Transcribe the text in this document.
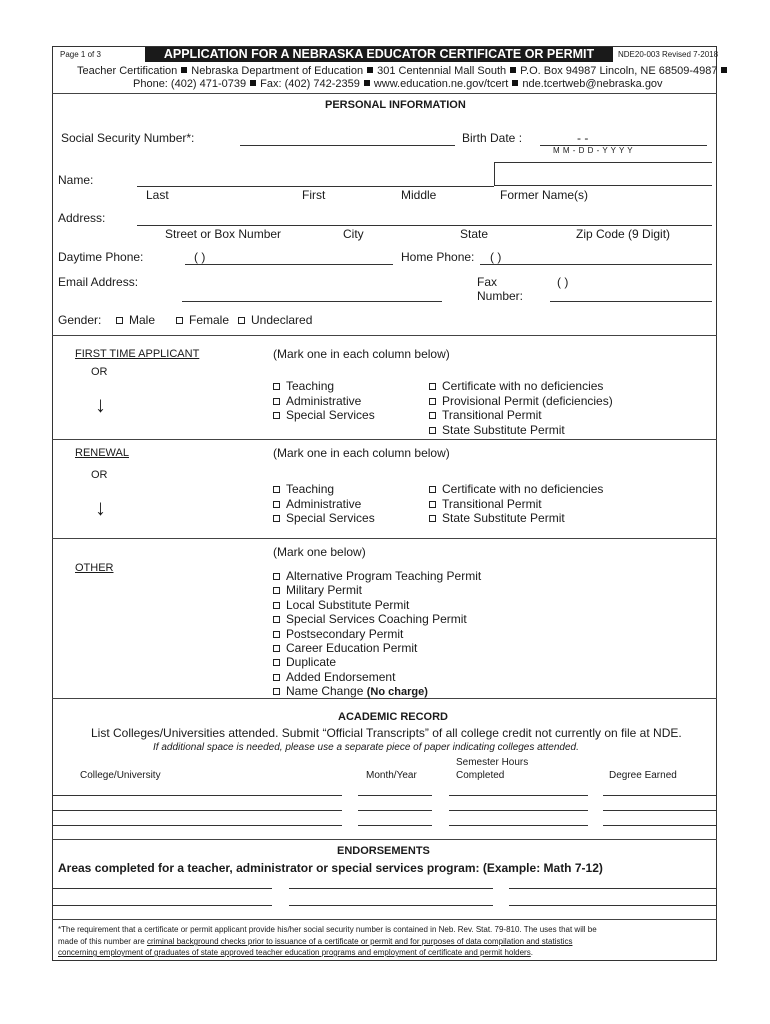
Page 1 of 3	APPLICATION FOR A NEBRASKA EDUCATOR CERTIFICATE OR PERMIT	NDE20-003 Revised 7-2018
Teacher Certification Nebraska Department of Education 301 Centennial Mall South P.O. Box 94987 Lincoln, NE 68509-4987
Phone: (402) 471-0739 Fax: (402) 742-2359 www.education.ne.gov/tcert nde.tcertweb@nebraska.gov
PERSONAL INFORMATION
Social Security Number*:	Birth Date :	- -
M M - D D - Y Y Y Y
Name:
Last	First	Middle	Former Name(s)
Address:
Street or Box Number	City	State	Zip Code (9 Digit)
Daytime Phone:	( )	Home Phone: ( )
Email Address:	Fax
Number:
( )
Gender:	Male	Female	Undeclared
FIRST TIME APPLICANT
OR
↓
(Mark one in each column below)
Teaching
Administrative
Special Services
Certificate with no deficiencies
Provisional Permit (deficiencies)
Transitional Permit
State Substitute Permit
RENEWAL
OR
↓
(Mark one in each column below)
Teaching
Administrative
Special Services
Certificate with no deficiencies
Transitional Permit
State Substitute Permit
(Mark one below)
OTHER
Alternative Program Teaching Permit
Military Permit
Local Substitute Permit
Special Services Coaching Permit
Postsecondary Permit
Career Education Permit
Duplicate
Added Endorsement
Name Change (No charge)
ACADEMIC RECORD
List Colleges/Universities attended. Submit “Official Transcripts” of all college credit not currently on file at NDE.
If additional space is needed, please use a separate piece of paper indicating colleges attended.
Semester Hours
College/University	Month/Year	Completed	Degree Earned
ENDORSEMENTS
Areas completed for a teacher, administrator or special services program: (Example: Math 7-12)
*The requirement that a certificate or permit applicant provide his/her social security number is contained in Neb. Rev. Stat. 79-810. The uses that will be
made of this number are criminal background checks prior to issuance of a certificate or permit and for purposes of data compilation and statistics
concerning employment of graduates of state approved teacher education programs and employment of certificate and permit holders.
